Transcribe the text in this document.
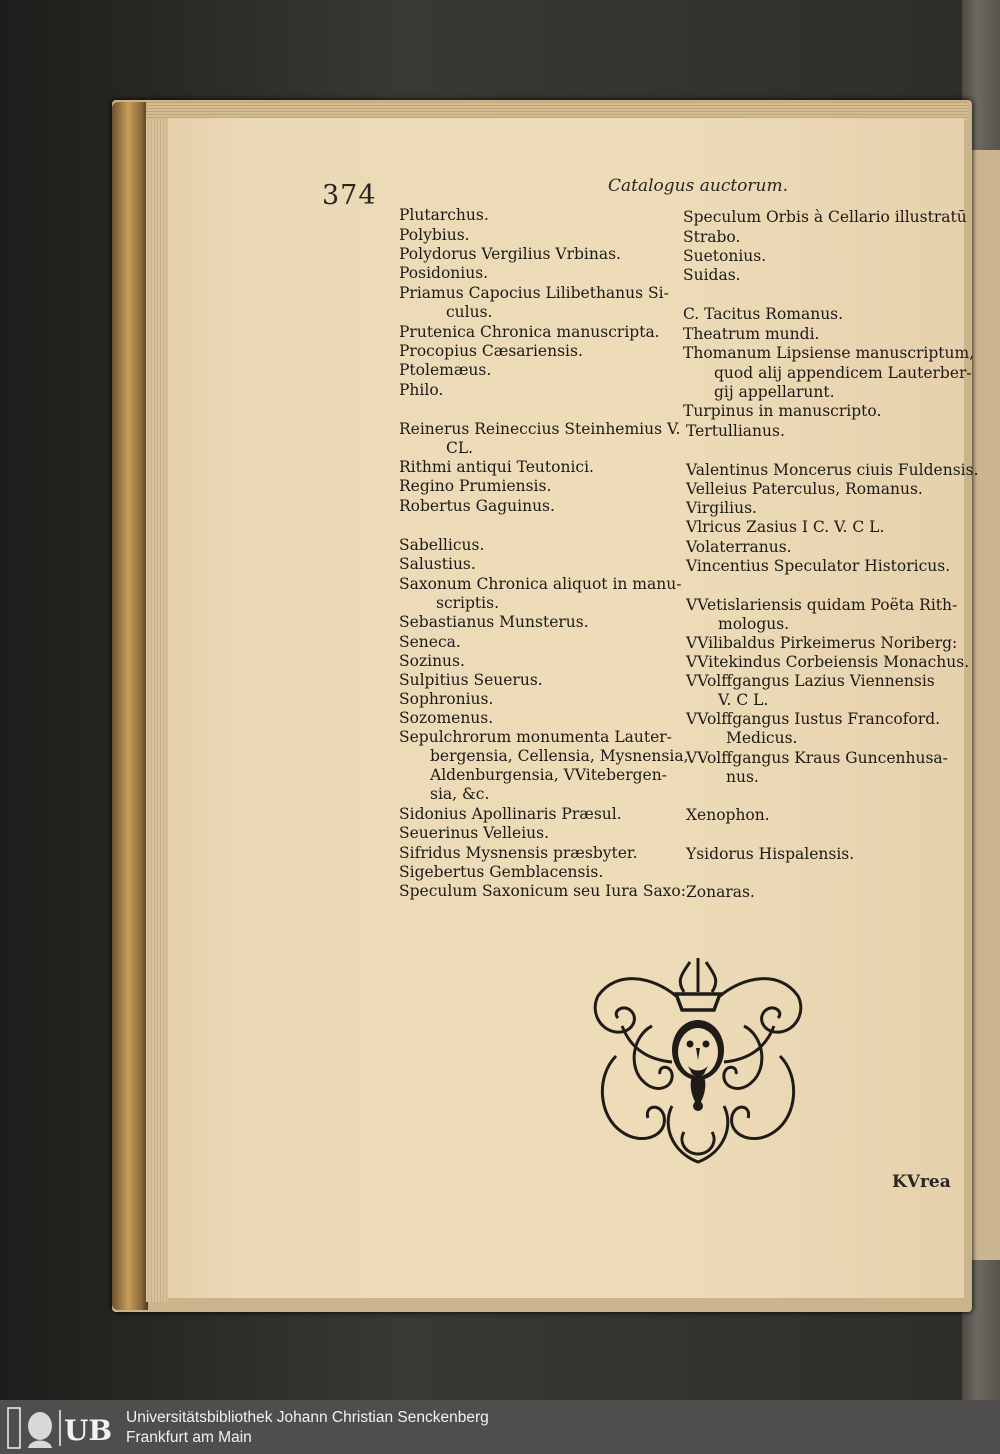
374	Catalogus auctorum.
Plutarchus.
Polybius.
Polydorus Vergilius Vrbinas.
Posidonius.
Priamus Capocius Lilibethanus Si-
culus.
Prutenica Chronica manuscripta.
Procopius Cæsariensis.
Ptolemæus.
Philo.
Reinerus Reineccius Steinhemius V.
CL.
Rithmi antiqui Teutonici.
Regino Prumiensis.
Robertus Gaguinus.
Sabellicus.
Salustius.
Saxonum Chronica aliquot in manu-
scriptis.
Sebastianus Munsterus.
Seneca.
Sozinus.
Sulpitius Seuerus.
Sophronius.
Sozomenus.
Sepulchrorum monumenta Lauter-
bergensia, Cellensia, Mysnensia,
Aldenburgensia, VVitebergen-
sia, &c.
Sidonius Apollinaris Præsul.
Seuerinus Velleius.
Sifridus Mysnensis præsbyter.
Sigebertus Gemblacensis.
Speculum Saxonicum seu Iura Saxo:
Speculum Orbis à Cellario illustratū
Strabo.
Suetonius.
Suidas.
C. Tacitus Romanus.
Theatrum mundi.
Thomanum Lipsiense manuscriptum,
quod alij appendicem Lauterber-
gij appellarunt.
Turpinus in manuscripto.
Tertullianus.
Valentinus Moncerus ciuis Fuldensis.
Velleius Paterculus, Romanus.
Virgilius.
Vlricus Zasius I C. V. C L.
Volaterranus.
Vincentius Speculator Historicus.
VVetislariensis quidam Poëta Rith-
mologus.
VVilibaldus Pirkeimerus Noriberg:
VVitekindus Corbeiensis Monachus.
VVolffgangus Lazius Viennensis
V. C L.
VVolffgangus Iustus Francoford.
Medicus.
VVolffgangus Kraus Guncenhusa-
nus.
Xenophon.
Ysidorus Hispalensis.
Zonaras.
KVrea
UB Universitätsbibliothek Johann Christian Senckenberg
Frankfurt am Main
